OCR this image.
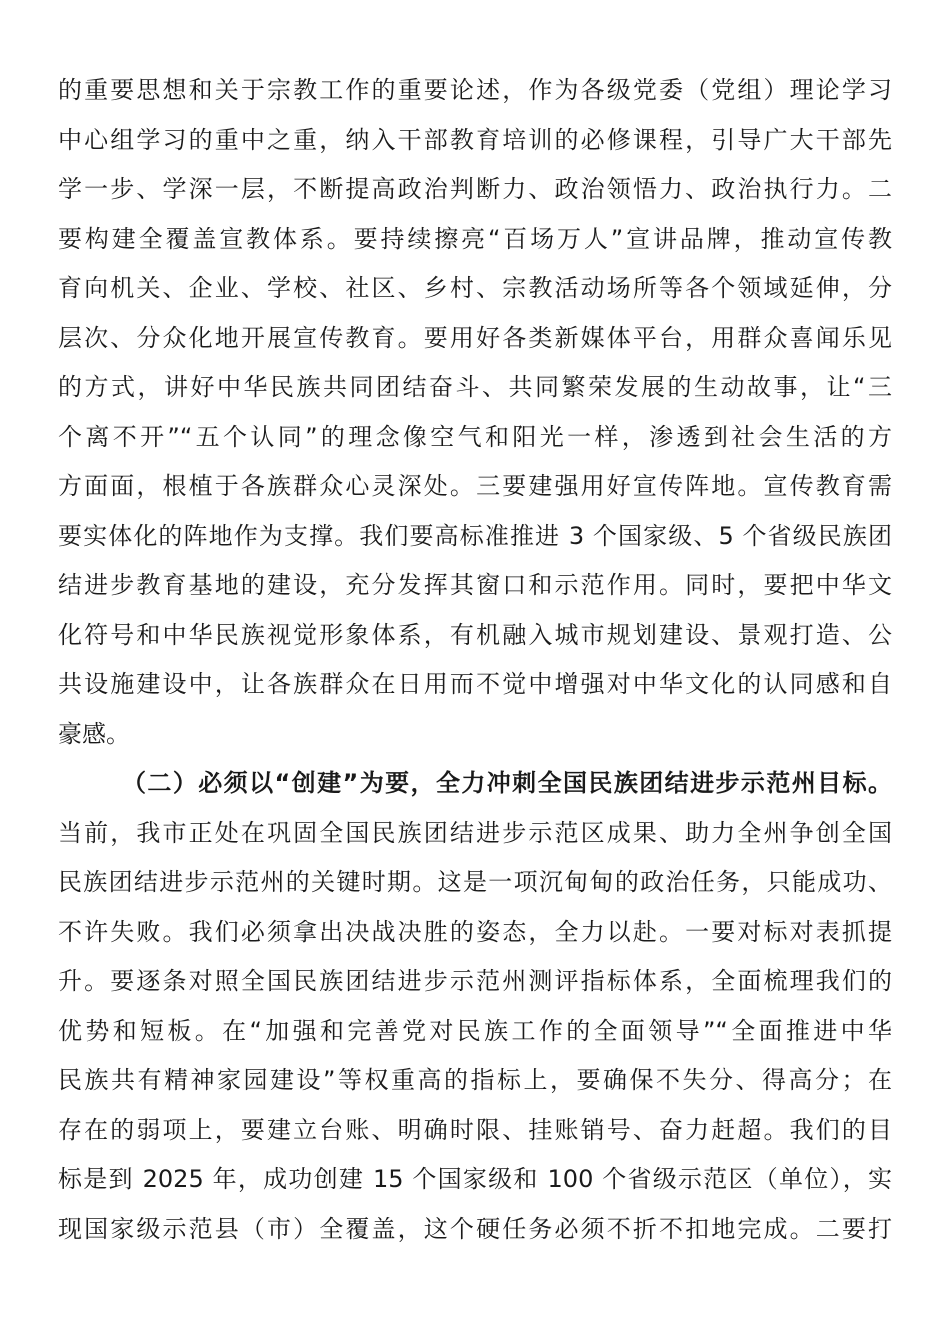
的重要思想和关于宗教工作的重要论述，作为各级党委（党组）理论学习
中心组学习的重中之重，纳入干部教育培训的必修课程，引导广大干部先
学一步、学深一层，不断提高政治判断力、政治领悟力、政治执行力。二
要构建全覆盖宣教体系。要持续擦亮“百场万人”宣讲品牌，推动宣传教
育向机关、企业、学校、社区、乡村、宗教活动场所等各个领域延伸，分
层次、分众化地开展宣传教育。要用好各类新媒体平台，用群众喜闻乐见
的方式，讲好中华民族共同团结奋斗、共同繁荣发展的生动故事，让“三
个离不开”“五个认同”的理念像空气和阳光一样，渗透到社会生活的方
方面面，根植于各族群众心灵深处。三要建强用好宣传阵地。宣传教育需
要实体化的阵地作为支撑。我们要高标准推进 3 个国家级、5 个省级民族团
结进步教育基地的建设，充分发挥其窗口和示范作用。同时，要把中华文
化符号和中华民族视觉形象体系，有机融入城市规划建设、景观打造、公
共设施建设中，让各族群众在日用而不觉中增强对中华文化的认同感和自
豪感。
（二）必须以“创建”为要，全力冲刺全国民族团结进步示范州目标。
当前，我市正处在巩固全国民族团结进步示范区成果、助力全州争创全国
民族团结进步示范州的关键时期。这是一项沉甸甸的政治任务，只能成功、
不许失败。我们必须拿出决战决胜的姿态，全力以赴。一要对标对表抓提
升。要逐条对照全国民族团结进步示范州测评指标体系，全面梳理我们的
优势和短板。在“加强和完善党对民族工作的全面领导”“全面推进中华
民族共有精神家园建设”等权重高的指标上，要确保不失分、得高分；在
存在的弱项上，要建立台账、明确时限、挂账销号、奋力赶超。我们的目
标是到 2025 年，成功创建 15 个国家级和 100 个省级示范区（单位），实
现国家级示范县（市）全覆盖，这个硬任务必须不折不扣地完成。二要打
